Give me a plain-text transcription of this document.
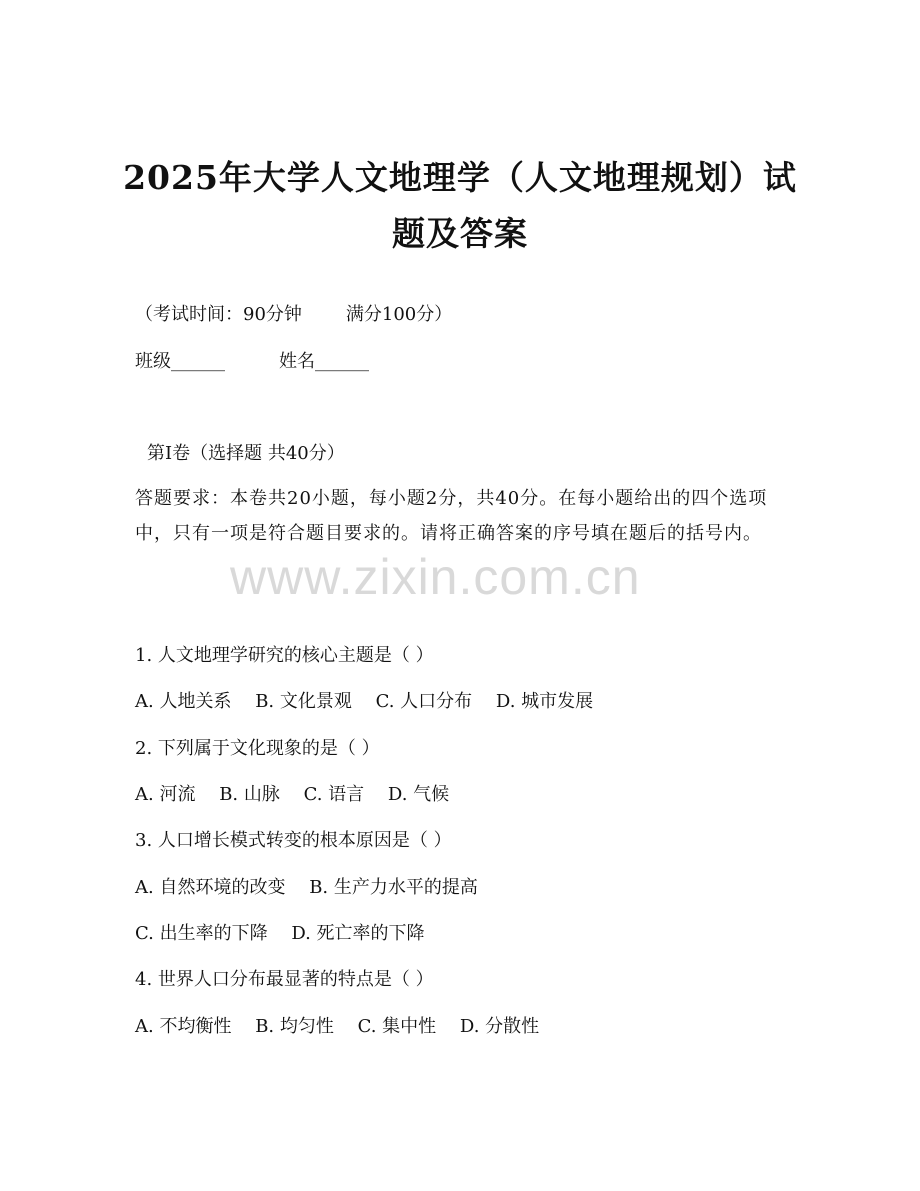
2025年大学人文地理学（人文地理规划）试题及答案
（考试时间：90分钟 满分100分）
班级______	姓名______
第Ⅰ卷（选择题 共40分）
答题要求：本卷共20小题，每小题2分，共40分。在每小题给出的四个选项中，只有一项是符合题目要求的。请将正确答案的序号填在题后的括号内。
www.zixin.com.cn
1. 人文地理学研究的核心主题是（ ）
A. 人地关系 B. 文化景观 C. 人口分布 D. 城市发展
2. 下列属于文化现象的是（ ）
A. 河流 B. 山脉 C. 语言 D. 气候
3. 人口增长模式转变的根本原因是（ ）
A. 自然环境的改变 B. 生产力水平的提高
C. 出生率的下降 D. 死亡率的下降
4. 世界人口分布最显著的特点是（ ）
A. 不均衡性 B. 均匀性 C. 集中性 D. 分散性
